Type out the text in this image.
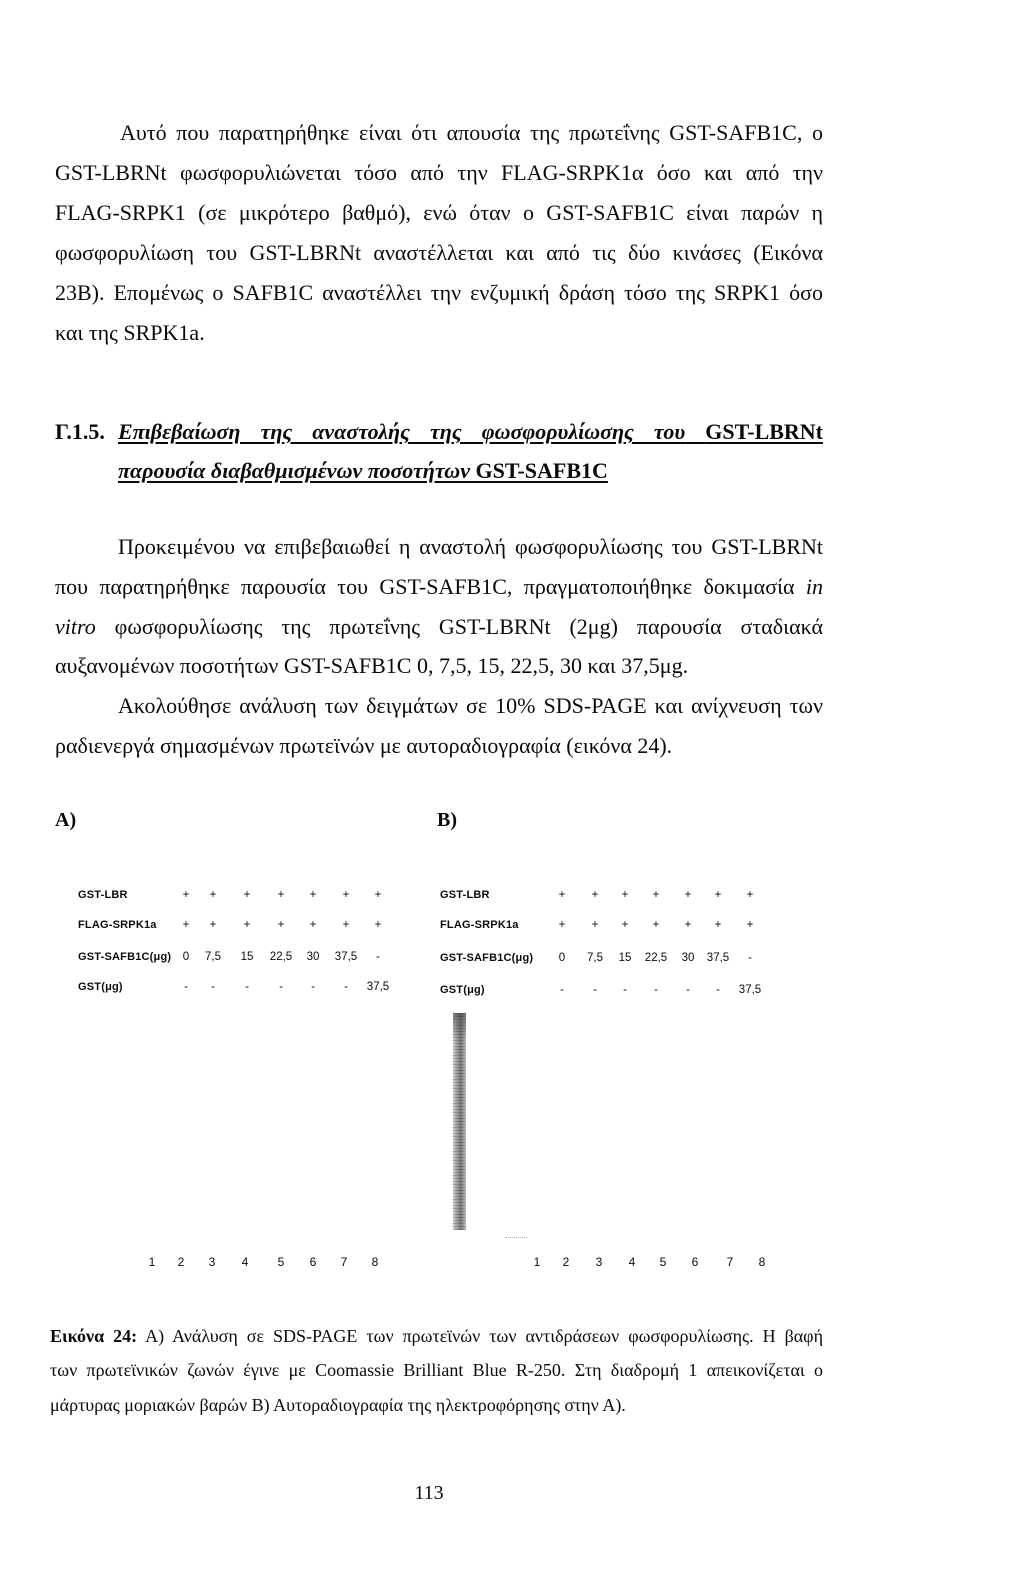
Αυτό που παρατηρήθηκε είναι ότι απουσία της πρωτεΐνης GST-SAFB1C, ο
GST-LBRNt φωσφορυλιώνεται τόσο από την FLAG-SRPK1α όσο και από την
FLAG-SRPK1 (σε μικρότερο βαθμό), ενώ όταν ο GST-SAFB1C είναι παρών η
φωσφορυλίωση του GST-LBRNt αναστέλλεται και από τις δύο κινάσες (Εικόνα
23Β). Επομένως ο SAFB1C αναστέλλει την ενζυμική δράση τόσο της SRPK1 όσο
και της SRPK1a.
Γ.1.5. Επιβεβαίωση της αναστολής της φωσφορυλίωσης του GST-LBRNt
παρουσία διαβαθμισμένων ποσοτήτων GST-SAFB1C
Προκειμένου να επιβεβαιωθεί η αναστολή φωσφορυλίωσης του GST-LBRNt
που παρατηρήθηκε παρουσία του GST-SAFB1C, πραγματοποιήθηκε δοκιμασία in
vitro φωσφορυλίωσης της πρωτεΐνης GST-LBRNt (2μg) παρουσία σταδιακά
αυξανομένων ποσοτήτων GST-SAFB1C 0, 7,5, 15, 22,5, 30 και 37,5μg.
Ακολούθησε ανάλυση των δειγμάτων σε 10% SDS-PAGE και ανίχνευση των
ραδιενεργά σημασμένων πρωτεϊνών με αυτοραδιογραφία (εικόνα 24).
Α)
GST-LBR	+ + + + + + +
FLAG-SRPK1a + + + + + + +
GST-SAFB1C(μg) 0 7,5 15 22,5 30 37,5 -
GST(μg)	- -	-	- -	- 37,5
1 2 3 4 5 6 7 8
Β)
GST-LBR	+ + + + + + +
FLAG-SRPK1a	+ + + + + + +
GST-SAFB1C(μg) 0 7,5 15 22,5 30 37,5 -
GST(μg)	-	- - - - - 37,5
1 2 3 4 5 6 7 8
Εικόνα 24: Α) Ανάλυση σε SDS-PAGE των πρωτεϊνών των αντιδράσεων φωσφορυλίωσης. Η βαφή
των πρωτεϊνικών ζωνών έγινε με Coomassie Brilliant Blue R-250. Στη διαδρομή 1 απεικονίζεται ο
μάρτυρας μοριακών βαρών Β) Αυτοραδιογραφία της ηλεκτροφόρησης στην Α).
113
